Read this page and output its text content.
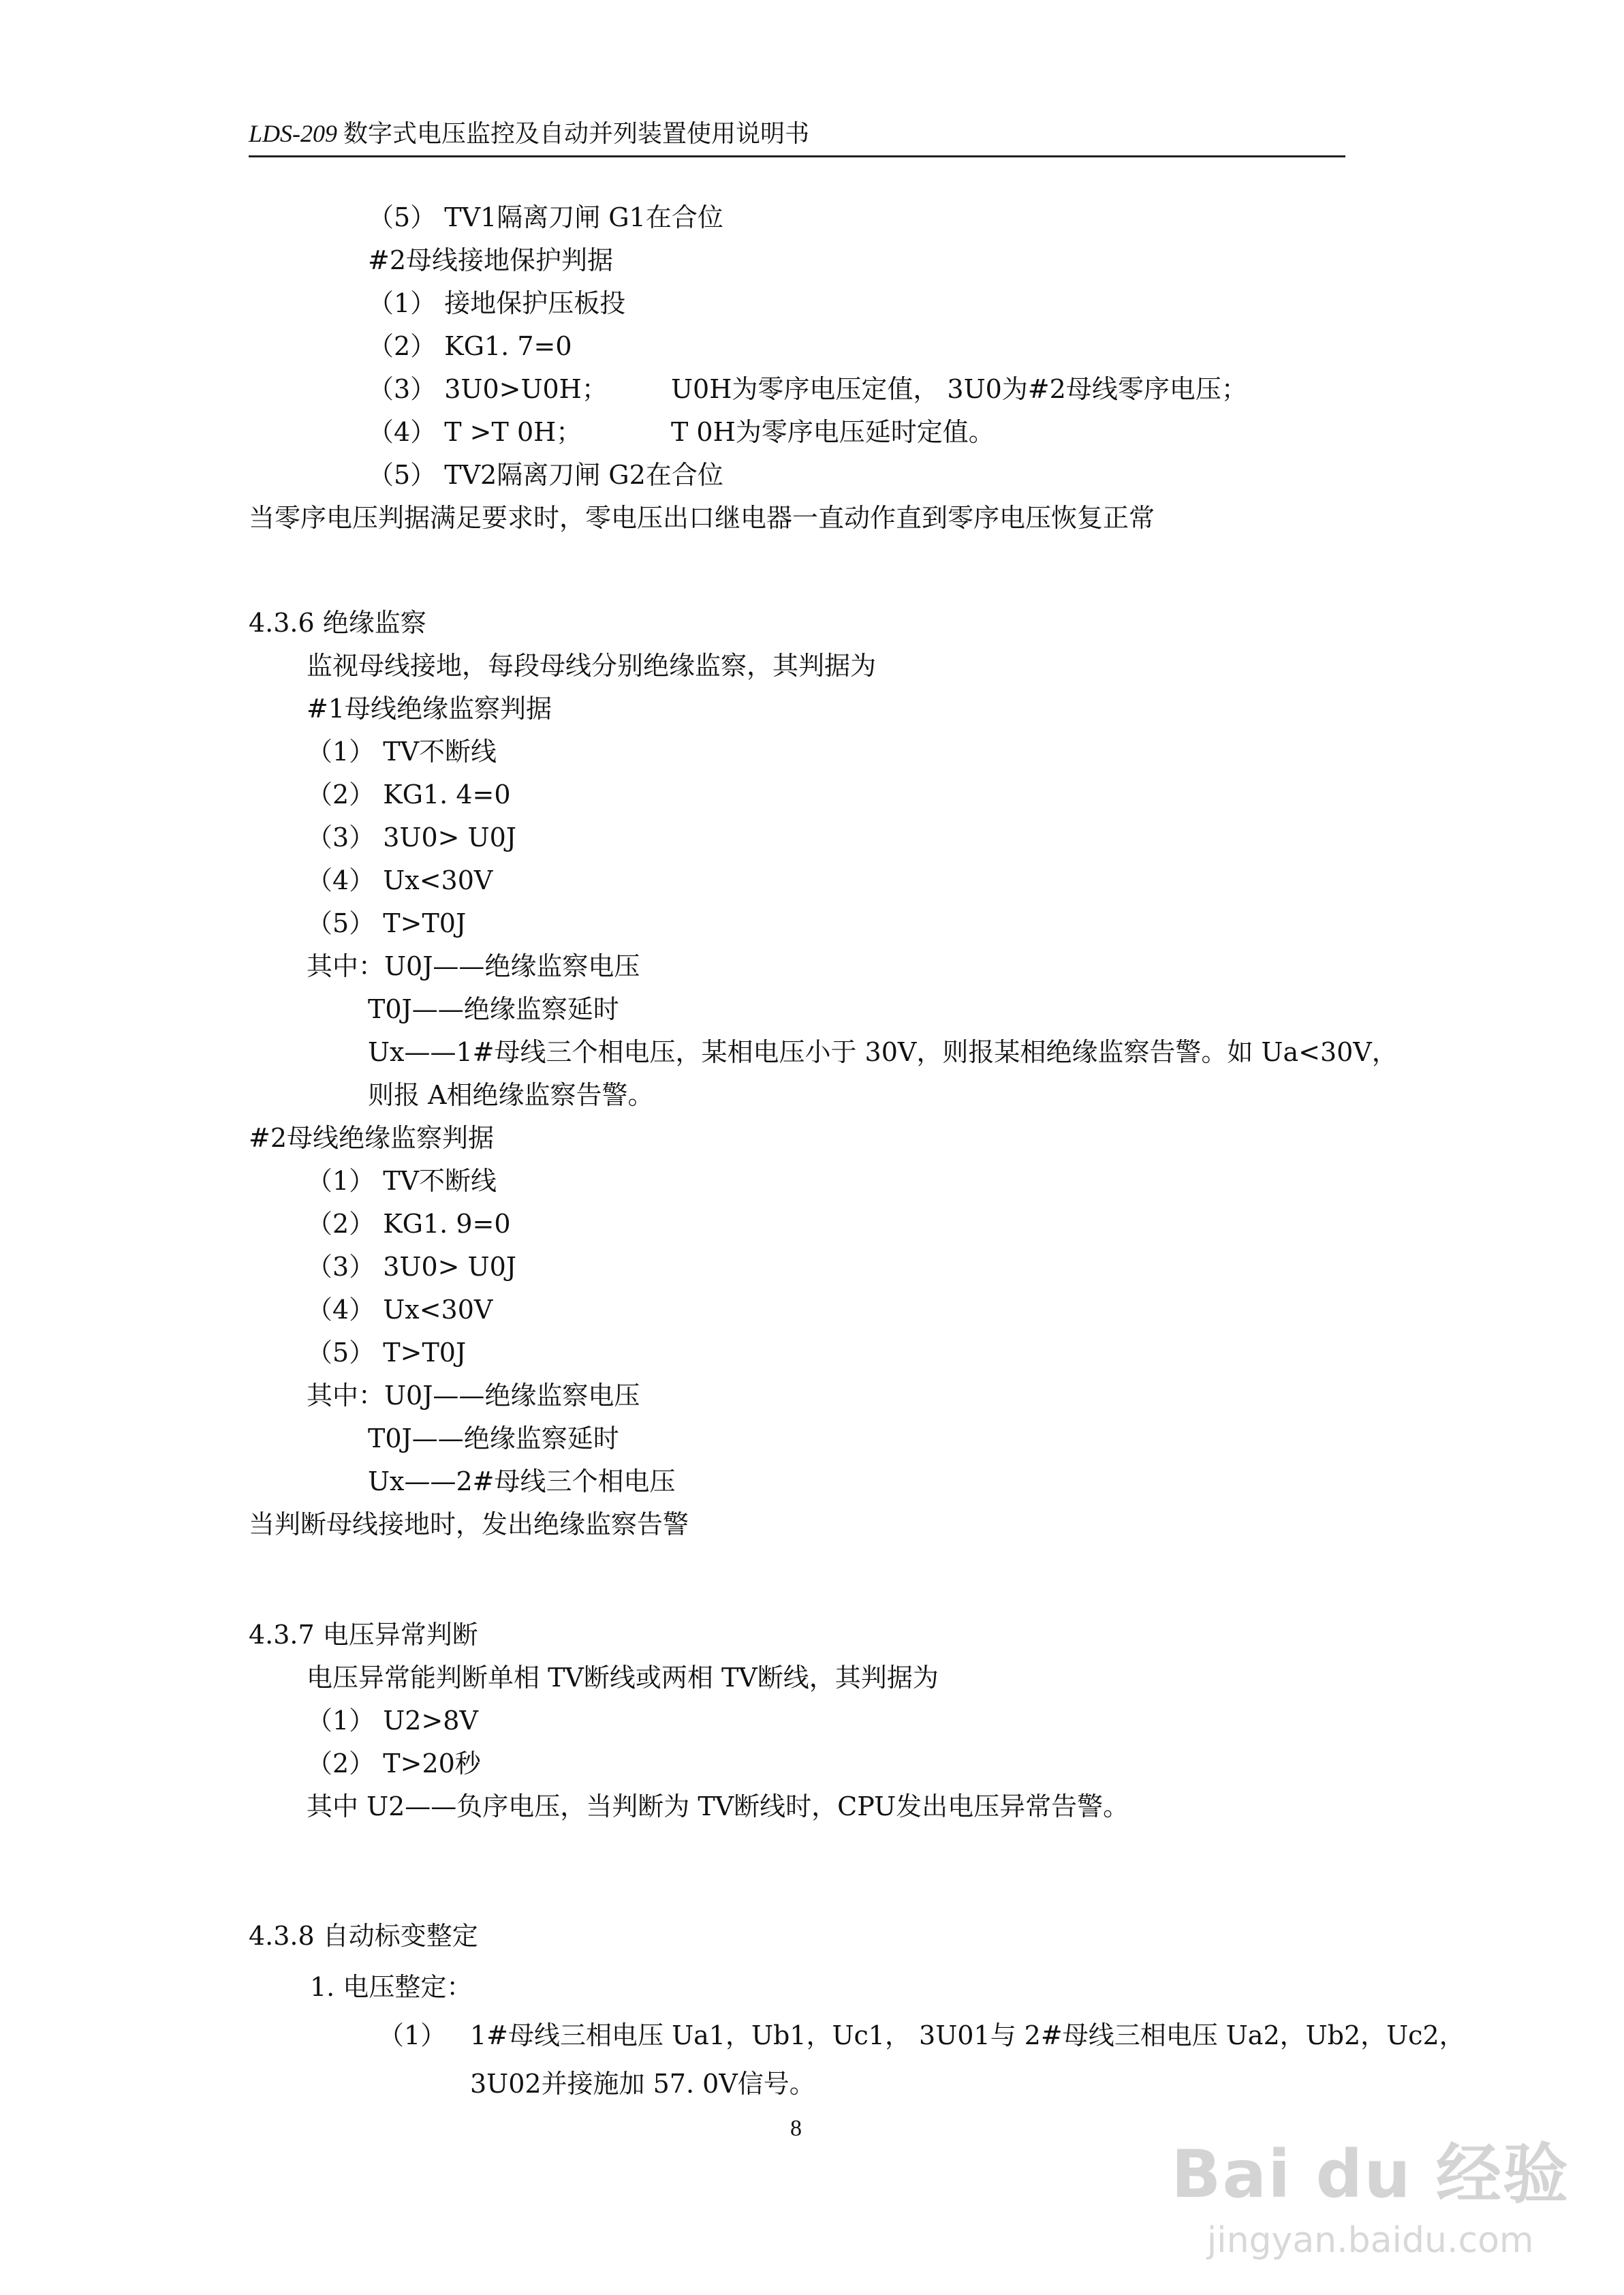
LDS-209 数字式电压监控及自动并列装置使用说明书
（5） TV1隔离刀闸 G1在合位
#2母线接地保护判据
（1） 接地保护压板投
（2） KG1. 7=0
（3） 3U0>U0H； U0H为零序电压定值， 3U0为#2母线零序电压；
（4） T >T 0H；	T 0H为零序电压延时定值。
（5） TV2隔离刀闸 G2在合位
当零序电压判据满足要求时，零电压出口继电器一直动作直到零序电压恢复正常
4.3.6 绝缘监察
监视母线接地，每段母线分别绝缘监察，其判据为
#1母线绝缘监察判据
（1） TV不断线
（2） KG1. 4=0
（3） 3U0> U0J
（4） Ux<30V
（5） T>T0J
其中：U0J——绝缘监察电压
T0J——绝缘监察延时
Ux——1#母线三个相电压，某相电压小于 30V，则报某相绝缘监察告警。如 Ua<30V，
则报 A相绝缘监察告警。
#2母线绝缘监察判据
（1） TV不断线
（2） KG1. 9=0
（3） 3U0> U0J
（4） Ux<30V
（5） T>T0J
其中：U0J——绝缘监察电压
T0J——绝缘监察延时
Ux——2#母线三个相电压
当判断母线接地时，发出绝缘监察告警
4.3.7 电压异常判断
电压异常能判断单相 TV断线或两相 TV断线，其判据为
（1） U2>8V
（2） T>20秒
其中 U2——负序电压，当判断为 TV断线时，CPU发出电压异常告警。
4.3.8 自动标变整定
1. 电压整定：
（1） 1#母线三相电压 Ua1，Ub1，Uc1， 3U01与 2#母线三相电压 Ua2，Ub2，Uc2，
3U02并接施加 57. 0V信号。
8
Bai du 经验
jingyan.baidu.com
